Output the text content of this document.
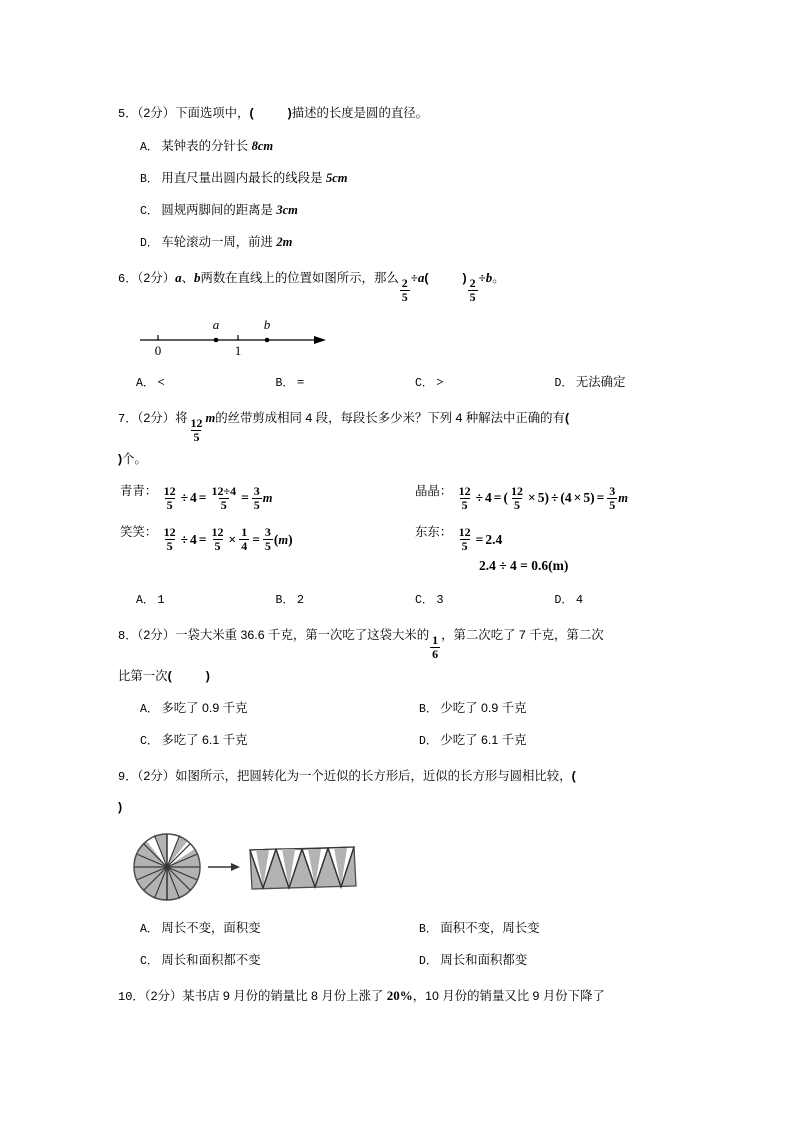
5．（2分）下面选项中，(	)描述的长度是圆的直径。
A． 某钟表的分针长 8cm
B． 用直尺量出圆内最长的线段是 5cm
C． 圆规两脚间的距离是 3cm
D． 车轮滚动一周，前进 2m
6．（2分）a、b两数在直线上的位置如图所示，那么 $\frac{2}{5} \div a$(	) $\frac{2}{5} \div b$。
0	1
a	b
A． <	B． =	C． >	D． 无法确定
7．（2分）将 $\frac{12}{5}$ m的丝带剪成相同 4 段，每段长多少米？下列 4 种解法中正确的有(
)个。
青青： $\frac{12}{5} \div 4 = \frac{12\div 4}{5} = \frac{3}{5}$ m
晶晶： $\frac{12}{5} \div 4$ = ( $\frac{12}{5} \times 5) \div (4 \times 5) = \frac{3}{5}$ m
笑笑： $\frac{12}{5} \div 4 = \frac{12}{5} \times \frac{1}{4} = \frac{3}{5}$ ( m )	东东： $\frac{12}{5} = 2.4$
2.4 ÷ 4 = 0.6(m)
A． 1	B． 2	C． 3	D． 4
8．（2分）一袋大米重 36.6 千克，第一次吃了这袋大米的 $\frac{1}{6}$ ，第二次吃了 7 千克，第二次
比第一次(	)
A． 多吃了 0.9 千克	B． 少吃了 0.9 千克
C． 多吃了 6.1 千克	D． 少吃了 6.1 千克
9．（2分）如图所示，把圆转化为一个近似的长方形后，近似的长方形与圆相比较，(
)
A． 周长不变，面积变	B． 面积不变，周长变
C． 周长和面积都不变	D． 周长和面积都变
10．（2分）某书店 9 月份的销量比 8 月份上涨了 20%，10 月份的销量又比 9 月份下降了
